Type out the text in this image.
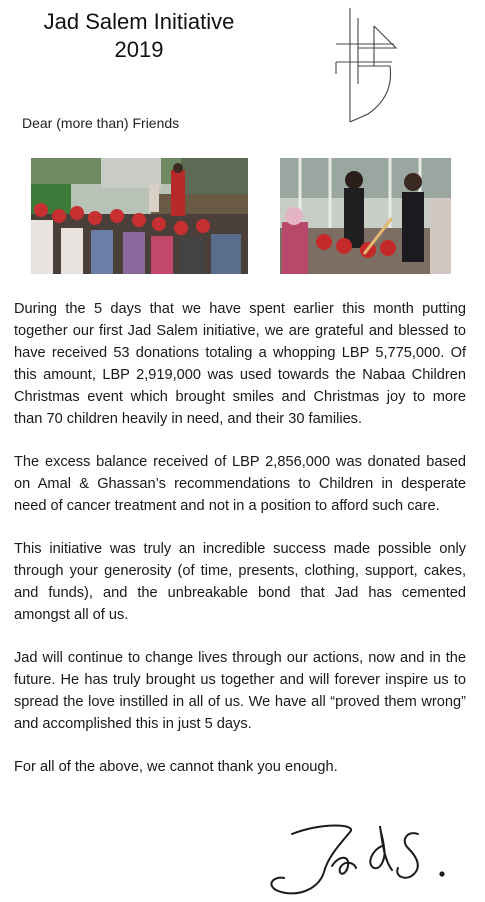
Jad Salem Initiative
2019
Dear (more than) Friends

During the 5 days that we have spent earlier this month putting together our first Jad Salem initiative, we are grateful and blessed to have received 53 donations totaling a whopping LBP 5,775,000. Of this amount, LBP 2,919,000 was used towards the Nabaa Children Christmas event which brought smiles and Christmas joy to more than 70 children heavily in need, and their 30 families.

The excess balance received of LBP 2,856,000 was donated based on Amal & Ghassan’s recommendations to Children in desperate need of cancer treatment and not in a position to afford such care.

This initiative was truly an incredible success made possible only through your generosity (of time, presents, clothing, support, cakes, and funds), and the unbreakable bond that Jad has cemented amongst all of us.

Jad will continue to change lives through our actions, now and in the future. He has truly brought us together and will forever inspire us to spread the love instilled in all of us. We have all “proved them wrong” and accomplished this in just 5 days.

For all of the above, we cannot thank you enough.
